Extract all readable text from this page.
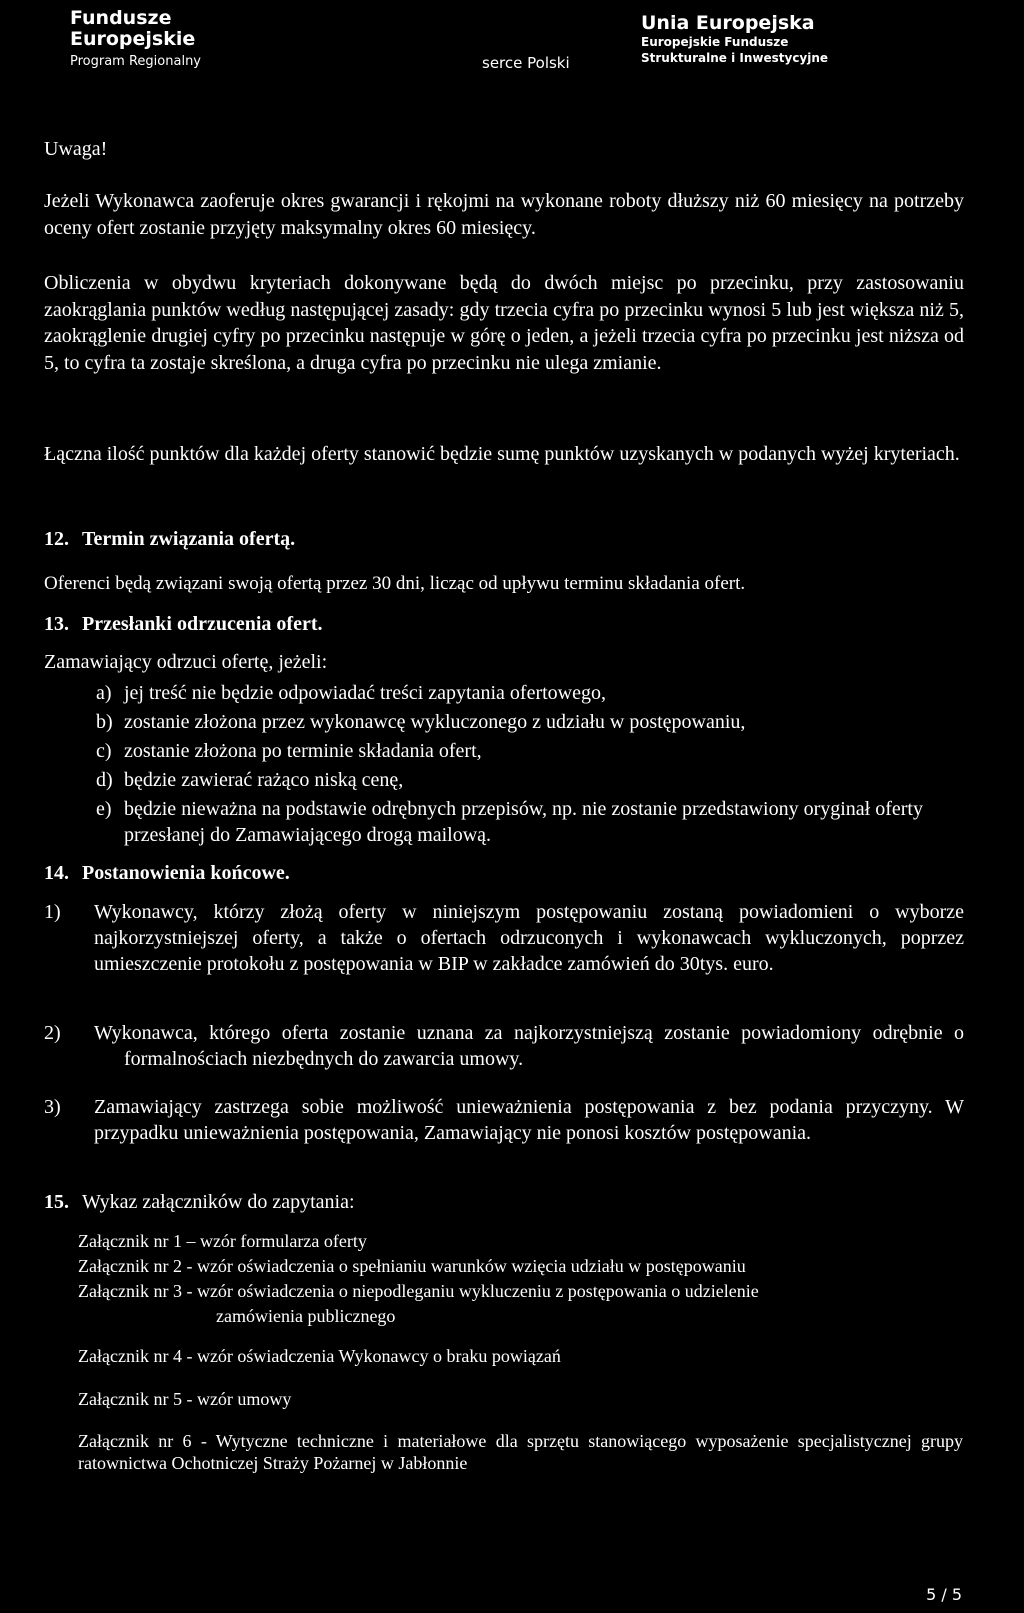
Fundusze
Europejskie
Program Regionalny	serce Polski
Unia Europejska
Europejskie Fundusze
Strukturalne i Inwestycyjne
Uwaga!

Jeżeli Wykonawca zaoferuje okres gwarancji i rękojmi na wykonane roboty dłuższy niż 60 miesięcy na potrzeby oceny ofert zostanie przyjęty maksymalny okres 60 miesięcy.

Obliczenia w obydwu kryteriach dokonywane będą do dwóch miejsc po przecinku, przy zastosowaniu zaokrąglania punktów według następującej zasady: gdy trzecia cyfra po przecinku wynosi 5 lub jest większa niż 5, zaokrąglenie drugiej cyfry po przecinku następuje w górę o jeden, a jeżeli trzecia cyfra po przecinku jest niższa od 5, to cyfra ta zostaje skreślona, a druga cyfra po przecinku nie ulega zmianie.

Łączna ilość punktów dla każdej oferty stanowić będzie sumę punktów uzyskanych w podanych wyżej kryteriach.

12. Termin związania ofertą.
Oferenci będą związani swoją ofertą przez 30 dni, licząc od upływu terminu składania ofert.
13. Przesłanki odrzucenia ofert.
Zamawiający odrzuci ofertę, jeżeli:
a) jej treść nie będzie odpowiadać treści zapytania ofertowego,
b) zostanie złożona przez wykonawcę wykluczonego z udziału w postępowaniu,
c) zostanie złożona po terminie składania ofert,
d) będzie zawierać rażąco niską cenę,
e) będzie nieważna na podstawie odrębnych przepisów, np. nie zostanie przedstawiony oryginał oferty przesłanej do Zamawiającego drogą mailową.
14. Postanowienia końcowe.
1)	Wykonawcy, którzy złożą oferty w niniejszym postępowaniu zostaną powiadomieni o wyborze najkorzystniejszej oferty, a także o ofertach odrzuconych i wykonawcach wykluczonych, poprzez umieszczenie protokołu z postępowania w BIP w zakładce zamówień do 30tys. euro.
2)	Wykonawca, którego oferta zostanie uznana za najkorzystniejszą zostanie powiadomiony odrębnie o formalnościach niezbędnych do zawarcia umowy.
3)	Zamawiający zastrzega sobie możliwość unieważnienia postępowania z bez podania przyczyny. W przypadku unieważnienia postępowania, Zamawiający nie ponosi kosztów postępowania.
15. Wykaz załączników do zapytania:
Załącznik nr 1 – wzór formularza oferty
Załącznik nr 2 - wzór oświadczenia o spełnianiu warunków wzięcia udziału w postępowaniu
Załącznik nr 3 - wzór oświadczenia o niepodleganiu wykluczeniu z postępowania o udzielenie
zamówienia publicznego
Załącznik nr 4 - wzór oświadczenia Wykonawcy o braku powiązań
Załącznik nr 5 - wzór umowy
Załącznik nr 6 - Wytyczne techniczne i materiałowe dla sprzętu stanowiącego wyposażenie specjalistycznej grupy ratownictwa Ochotniczej Straży Pożarnej w Jabłonnie
5 / 5
